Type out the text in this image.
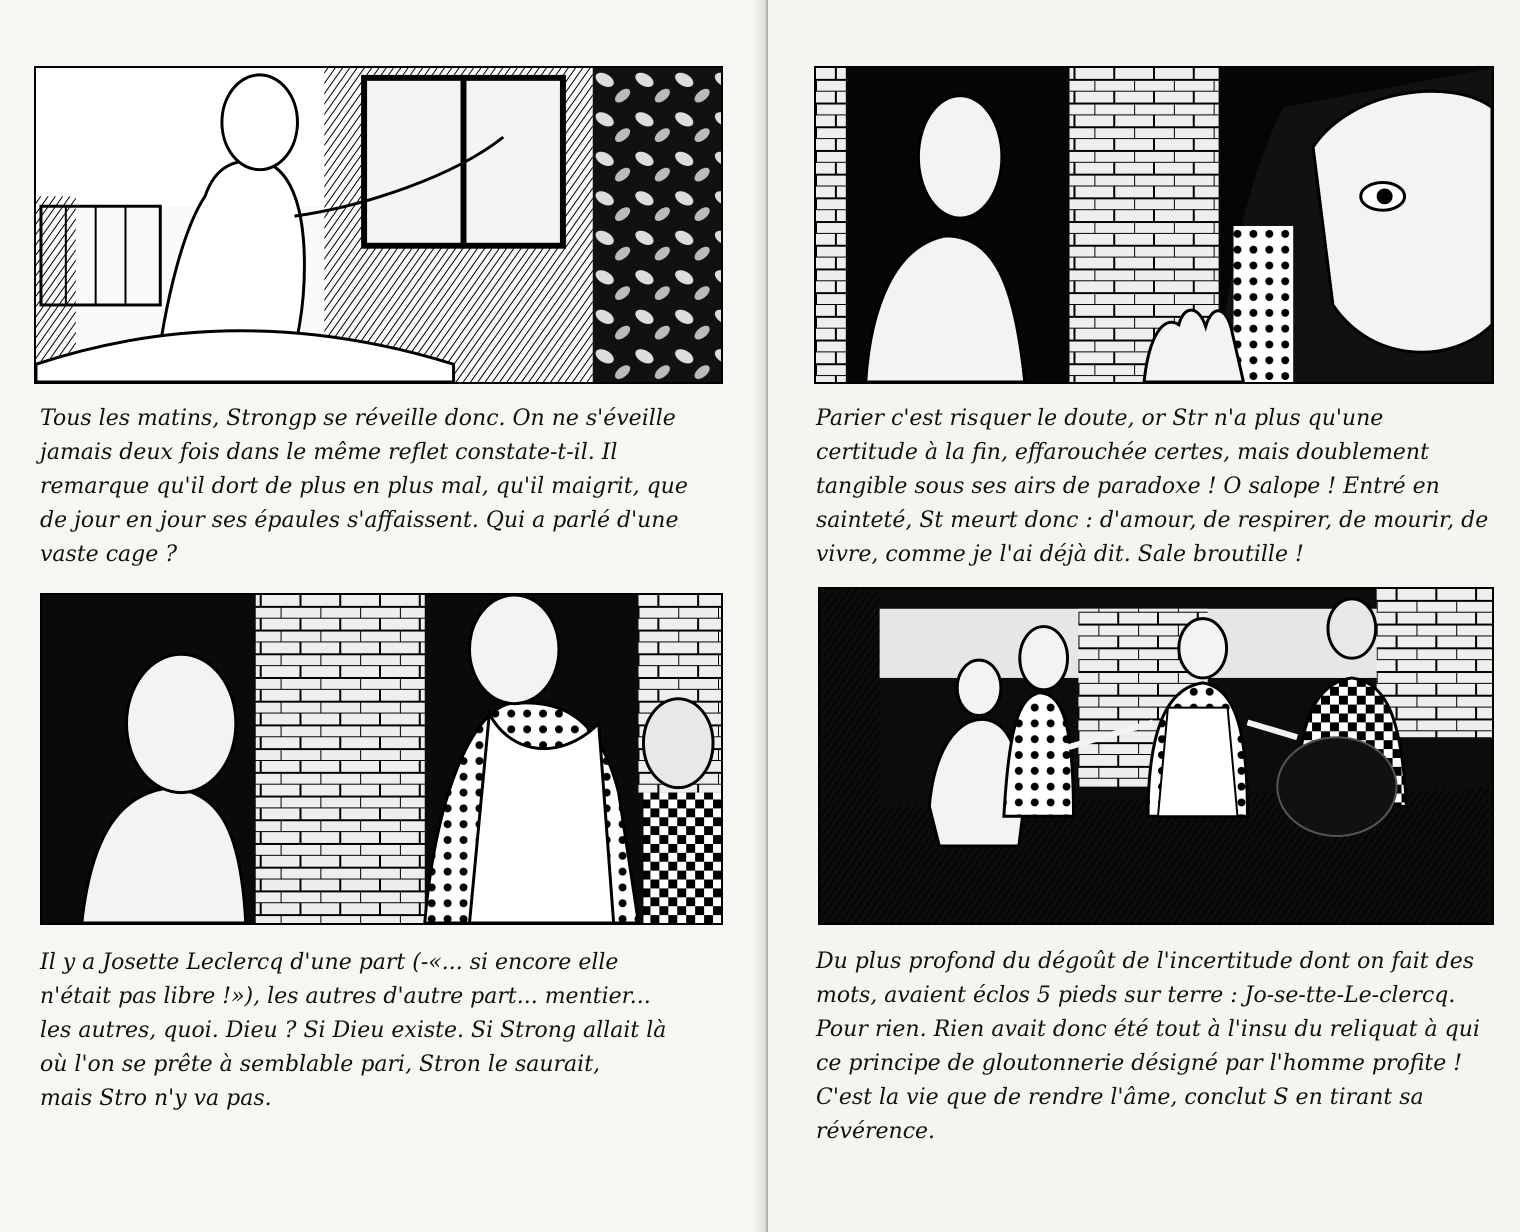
Tous les matins, Strongp se réveille donc. On ne s'éveille
jamais deux fois dans le même reflet constate-t-il. Il
remarque qu'il dort de plus en plus mal, qu'il maigrit, que
de jour en jour ses épaules s'affaissent. Qui a parlé d'une
vaste cage ?

Il y a Josette Leclercq d'une part (-«... si encore elle
n'était pas libre !»), les autres d'autre part... mentier...
les autres, quoi. Dieu ? Si Dieu existe. Si Strong allait là
où l'on se prête à semblable pari, Stron le saurait,
mais Stro n'y va pas.

Parier c'est risquer le doute, or Str n'a plus qu'une
certitude à la fin, effarouchée certes, mais doublement
tangible sous ses airs de paradoxe ! O salope ! Entré en
sainteté, St meurt donc : d'amour, de respirer, de mourir, de
vivre, comme je l'ai déjà dit. Sale broutille !

Du plus profond du dégoût de l'incertitude dont on fait des
mots, avaient éclos 5 pieds sur terre : Jo-se-tte-Le-clercq.
Pour rien. Rien avait donc été tout à l'insu du reliquat à qui
ce principe de gloutonnerie désigné par l'homme profite !
C'est la vie que de rendre l'âme, conclut S en tirant sa
révérence.
